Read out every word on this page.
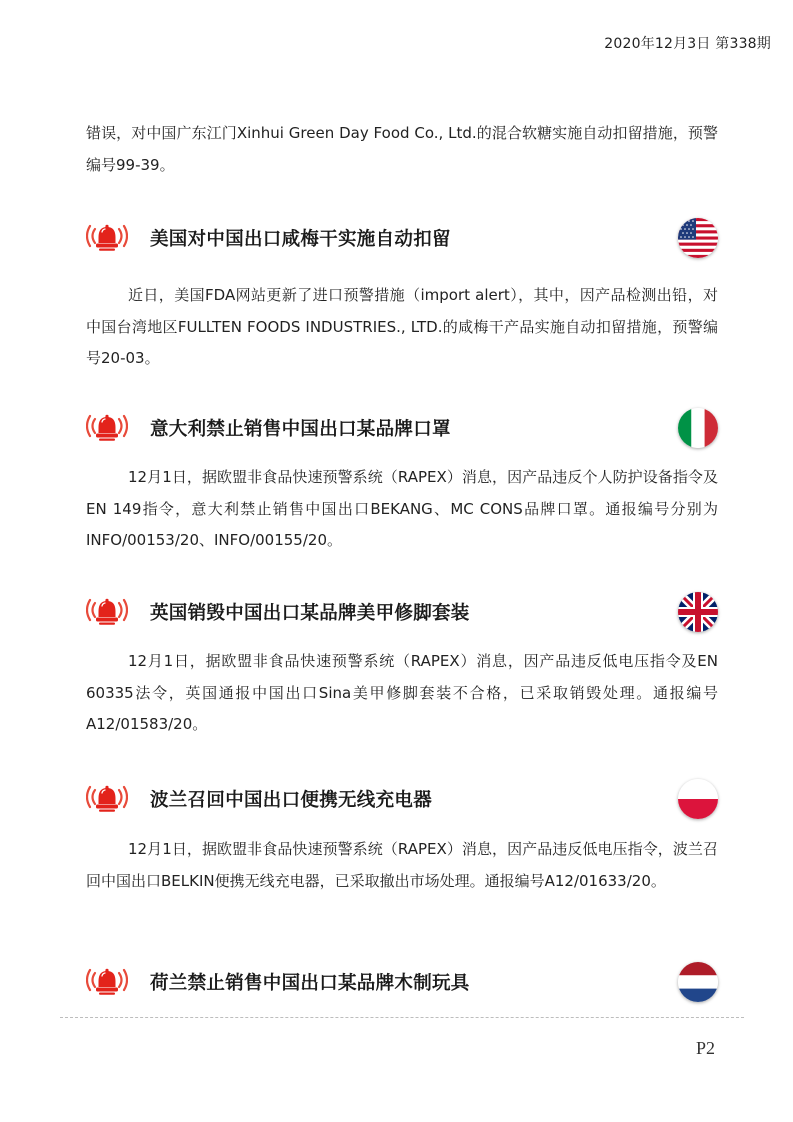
2020年12月3日 第338期

错误，对中国广东江门Xinhui Green Day Food Co., Ltd.的混合软糖实施自动扣留措施，预警编号99-39。

美国对中国出口咸梅干实施自动扣留

近日，美国FDA网站更新了进口预警措施（import alert），其中，因产品检测出铅，对中国台湾地区FULLTEN FOODS INDUSTRIES., LTD.的咸梅干产品实施自动扣留措施，预警编号20-03。

意大利禁止销售中国出口某品牌口罩

12月1日，据欧盟非食品快速预警系统（RAPEX）消息，因产品违反个人防护设备指令及EN 149指令，意大利禁止销售中国出口BEKANG、MC CONS品牌口罩。通报编号分别为INFO/00153/20、INFO/00155/20。

英国销毁中国出口某品牌美甲修脚套装

12月1日，据欧盟非食品快速预警系统（RAPEX）消息，因产品违反低电压指令及EN 60335法令，英国通报中国出口Sina美甲修脚套装不合格，已采取销毁处理。通报编号A12/01583/20。

波兰召回中国出口便携无线充电器

12月1日，据欧盟非食品快速预警系统（RAPEX）消息，因产品违反低电压指令，波兰召回中国出口BELKIN便携无线充电器，已采取撤出市场处理。通报编号A12/01633/20。

荷兰禁止销售中国出口某品牌木制玩具
P2
